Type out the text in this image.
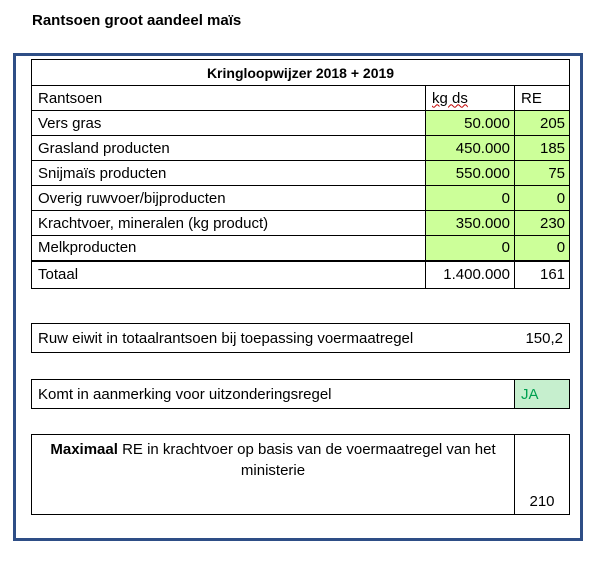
Rantsoen groot aandeel maïs
Kringloopwijzer 2018 + 2019		
Rantsoen	kg ds	RE
Vers gras	50.000	205
Grasland producten	450.000	185
Snijmaïs producten	550.000	75
Overig ruwvoer/bijproducten	0	0
Krachtvoer, mineralen (kg product)	350.000	230
Melkproducten	0	0
Totaal	1.400.000	161
Ruw eiwit in totaalrantsoen bij toepassing voermaatregel	150,2
Komt in aanmerking voor uitzonderingsregel	JA
Maximaal RE in krachtvoer op basis van de voermaatregel van het ministerie	210
